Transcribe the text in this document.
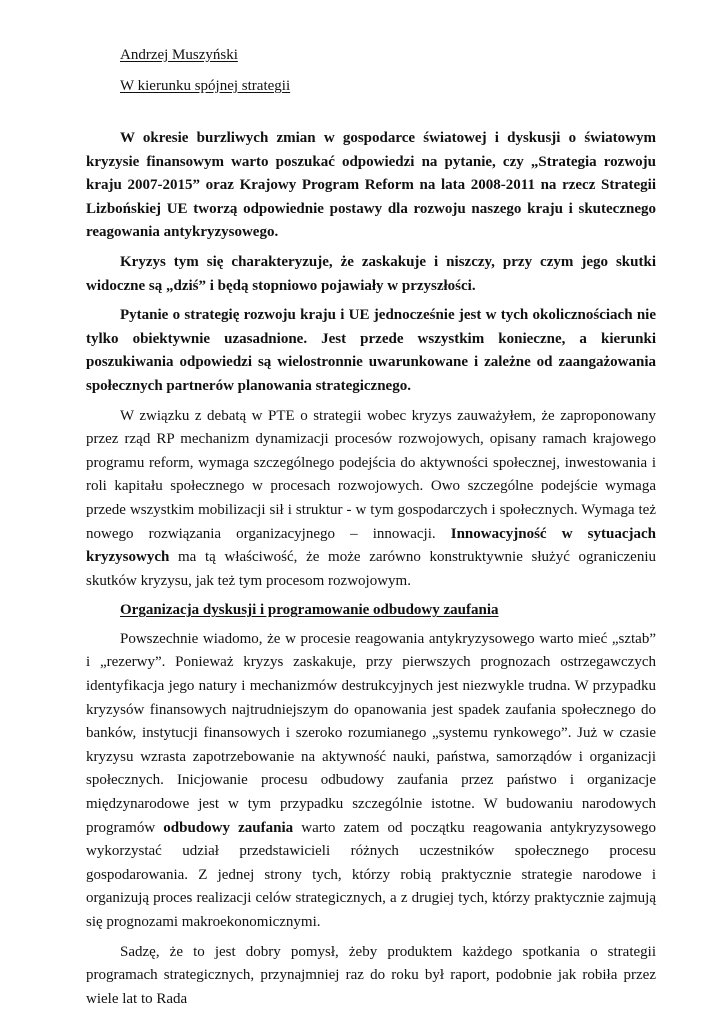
Andrzej Muszyński
W kierunku spójnej strategii

W okresie burzliwych zmian w gospodarce światowej i dyskusji o światowym kryzysie finansowym warto poszukać odpowiedzi na pytanie, czy „Strategia rozwoju kraju 2007-2015” oraz Krajowy Program Reform na lata 2008-2011 na rzecz Strategii Lizbońskiej UE tworzą odpowiednie postawy dla rozwoju naszego kraju i skutecznego reagowania antykryzysowego.

Kryzys tym się charakteryzuje, że zaskakuje i niszczy, przy czym jego skutki widoczne są „dziś” i będą stopniowo pojawiały w przyszłości.

Pytanie o strategię rozwoju kraju i UE jednocześnie jest w tych okolicznościach nie tylko obiektywnie uzasadnione. Jest przede wszystkim konieczne, a kierunki poszukiwania odpowiedzi są wielostronnie uwarunkowane i zależne od zaangażowania społecznych partnerów planowania strategicznego.

W związku z debatą w PTE o strategii wobec kryzys zauważyłem, że zaproponowany przez rząd RP mechanizm dynamizacji procesów rozwojowych, opisany ramach krajowego programu reform, wymaga szczególnego podejścia do aktywności społecznej, inwestowania i roli kapitału społecznego w procesach rozwojowych. Owo szczególne podejście wymaga przede wszystkim mobilizacji sił i struktur - w tym gospodarczych i społecznych. Wymaga też nowego rozwiązania organizacyjnego – innowacji. Innowacyjność w sytuacjach kryzysowych ma tą właściwość, że może zarówno konstruktywnie służyć ograniczeniu skutków kryzysu, jak też tym procesom rozwojowym.

Organizacja dyskusji i programowanie odbudowy zaufania

Powszechnie wiadomo, że w procesie reagowania antykryzysowego warto mieć „sztab” i „rezerwy”. Ponieważ kryzys zaskakuje, przy pierwszych prognozach ostrzegawczych identyfikacja jego natury i mechanizmów destrukcyjnych jest niezwykle trudna. W przypadku kryzysów finansowych najtrudniejszym do opanowania jest spadek zaufania społecznego do banków, instytucji finansowych i szeroko rozumianego „systemu rynkowego”. Już w czasie kryzysu wzrasta zapotrzebowanie na aktywność nauki, państwa, samorządów i organizacji społecznych. Inicjowanie procesu odbudowy zaufania przez państwo i organizacje międzynarodowe jest w tym przypadku szczególnie istotne. W budowaniu narodowych programów odbudowy zaufania warto zatem od początku reagowania antykryzysowego wykorzystać udział przedstawicieli różnych uczestników społecznego procesu gospodarowania. Z jednej strony tych, którzy robią praktycznie strategie narodowe i organizują proces realizacji celów strategicznych, a z drugiej tych, którzy praktycznie zajmują się prognozami makroekonomicznymi.

Sadzę, że to jest dobry pomysł, żeby produktem każdego spotkania o strategii programach strategicznych, przynajmniej raz do roku był raport, podobnie jak robiła przez wiele lat to Rada
